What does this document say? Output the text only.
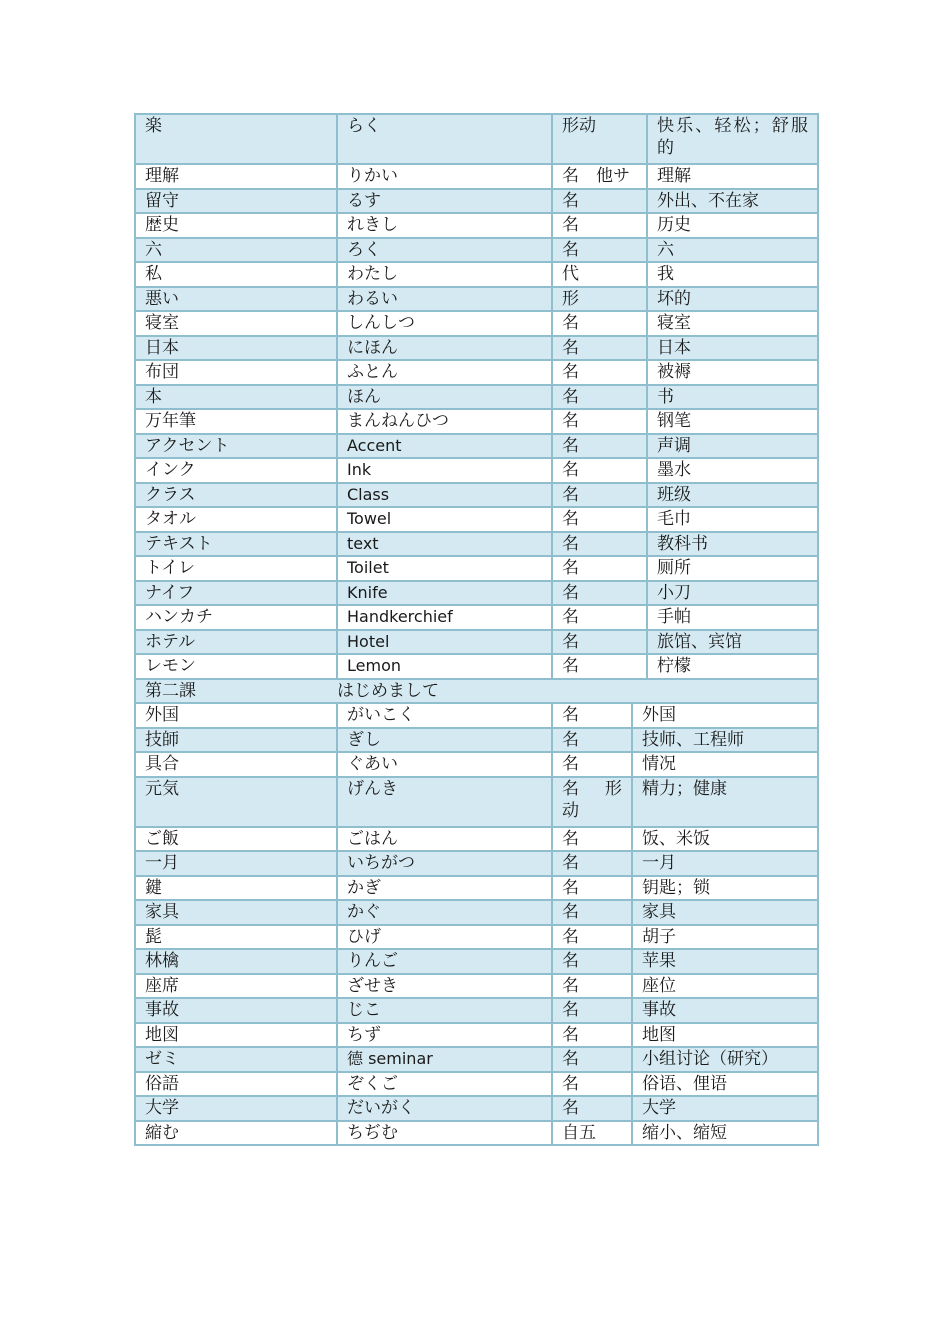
楽	らく	形动		快乐、轻松；舒服的
理解	りかい	名　他サ		理解
留守	るす	名		外出、不在家
歴史	れきし	名		历史
六	ろく	名		六
私	わたし	代		我
悪い	わるい	形		坏的
寝室	しんしつ	名		寝室
日本	にほん	名		日本
布団	ふとん	名		被褥
本	ほん	名		书
万年筆	まんねんひつ	名		钢笔
アクセント	Accent	名		声调
インク	Ink	名		墨水
クラス	Class	名		班级
タオル	Towel	名		毛巾
テキスト	text	名		教科书
トイレ	Toilet	名		厕所
ナイフ	Knife	名		小刀
ハンカチ	Handkerchief	名		手帕
ホテル	Hotel	名		旅馆、宾馆
レモン	Lemon	名		柠檬
第二課	はじめまして			
外国	がいこく	名	外国	
技師	ぎし	名	技师、工程师	
具合	ぐあい	名	情况	
元気	げんき	名　形动	精力；健康	
ご飯	ごはん	名	饭、米饭	
一月	いちがつ	名	一月	
鍵	かぎ	名	钥匙；锁	
家具	かぐ	名	家具	
髭	ひげ	名	胡子	
林檎	りんご	名	苹果	
座席	ざせき	名	座位	
事故	じこ	名	事故	
地図	ちず	名	地图	
ゼミ	德 seminar	名	小组讨论（研究）	
俗語	ぞくご	名	俗语、俚语	
大学	だいがく	名	大学	
縮む	ちぢむ	自五	缩小、缩短	
